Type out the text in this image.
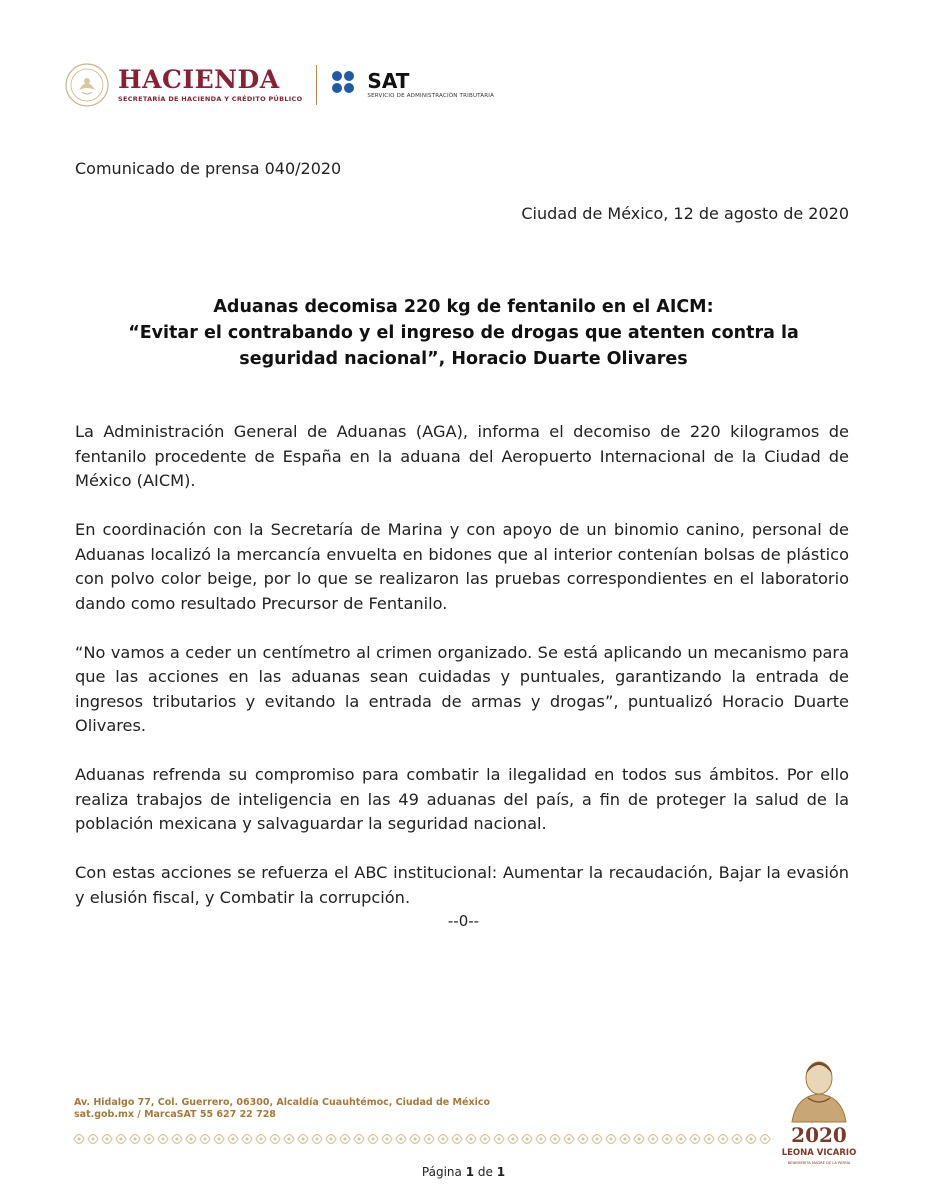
HACIENDA
SECRETARÍA DE HACIENDA Y CRÉDITO PÚBLICO
SAT
SERVICIO DE ADMINISTRACIÓN TRIBUTARIA
Comunicado de prensa 040/2020
Ciudad de México, 12 de agosto de 2020
Aduanas decomisa 220 kg de fentanilo en el AICM:
“Evitar el contrabando y el ingreso de drogas que atenten contra la
seguridad nacional”, Horacio Duarte Olivares

La Administración General de Aduanas (AGA), informa el decomiso de 220 kilogramos de fentanilo procedente de España en la aduana del Aeropuerto Internacional de la Ciudad de México (AICM).

En coordinación con la Secretaría de Marina y con apoyo de un binomio canino, personal de Aduanas localizó la mercancía envuelta en bidones que al interior contenían bolsas de plástico con polvo color beige, por lo que se realizaron las pruebas correspondientes en el laboratorio dando como resultado Precursor de Fentanilo.

“No vamos a ceder un centímetro al crimen organizado. Se está aplicando un mecanismo para que las acciones en las aduanas sean cuidadas y puntuales, garantizando la entrada de ingresos tributarios y evitando la entrada de armas y drogas”, puntualizó Horacio Duarte Olivares.

Aduanas refrenda su compromiso para combatir la ilegalidad en todos sus ámbitos. Por ello realiza trabajos de inteligencia en las 49 aduanas del país, a fin de proteger la salud de la población mexicana y salvaguardar la seguridad nacional.

Con estas acciones se refuerza el ABC institucional: Aumentar la recaudación, Bajar la evasión y elusión fiscal, y Combatir la corrupción.

--0--
Av. Hidalgo 77, Col. Guerrero, 06300, Alcaldía Cuauhtémoc, Ciudad de México
sat.gob.mx / MarcaSAT 55 627 22 728
2020
LEONA VICARIO
BENEMÉRITA MADRE DE LA PATRIA
Página 1 de 1
